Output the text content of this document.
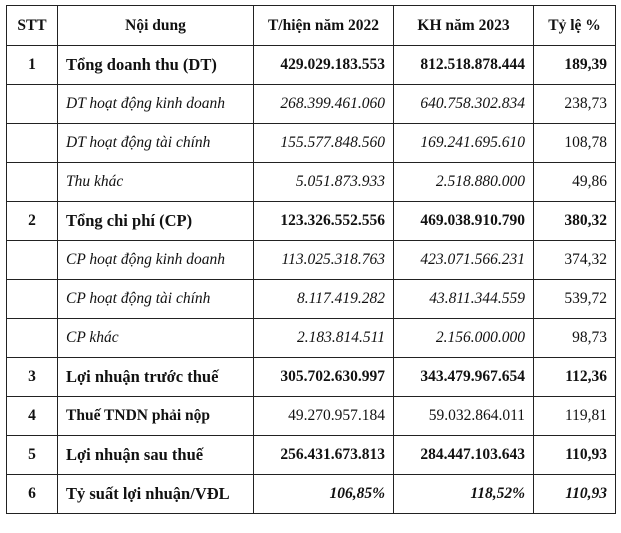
STT	Nội dung	T/hiện năm 2022	KH năm 2023	Tỷ lệ %
1	Tổng doanh thu (DT)	429.029.183.553	812.518.878.444	189,39
	DT hoạt động kinh doanh	268.399.461.060	640.758.302.834	238,73
	DT hoạt động tài chính	155.577.848.560	169.241.695.610	108,78
	Thu khác	5.051.873.933	2.518.880.000	49,86
2	Tổng chi phí (CP)	123.326.552.556	469.038.910.790	380,32
	CP hoạt động kinh doanh	113.025.318.763	423.071.566.231	374,32
	CP hoạt động tài chính	8.117.419.282	43.811.344.559	539,72
	CP khác	2.183.814.511	2.156.000.000	98,73
3	Lợi nhuận trước thuế	305.702.630.997	343.479.967.654	112,36
4	Thuế TNDN phải nộp	49.270.957.184	59.032.864.011	119,81
5	Lợi nhuận sau thuế	256.431.673.813	284.447.103.643	110,93
6	Tỷ suất lợi nhuận/VĐL	106,85%	118,52%	110,93
